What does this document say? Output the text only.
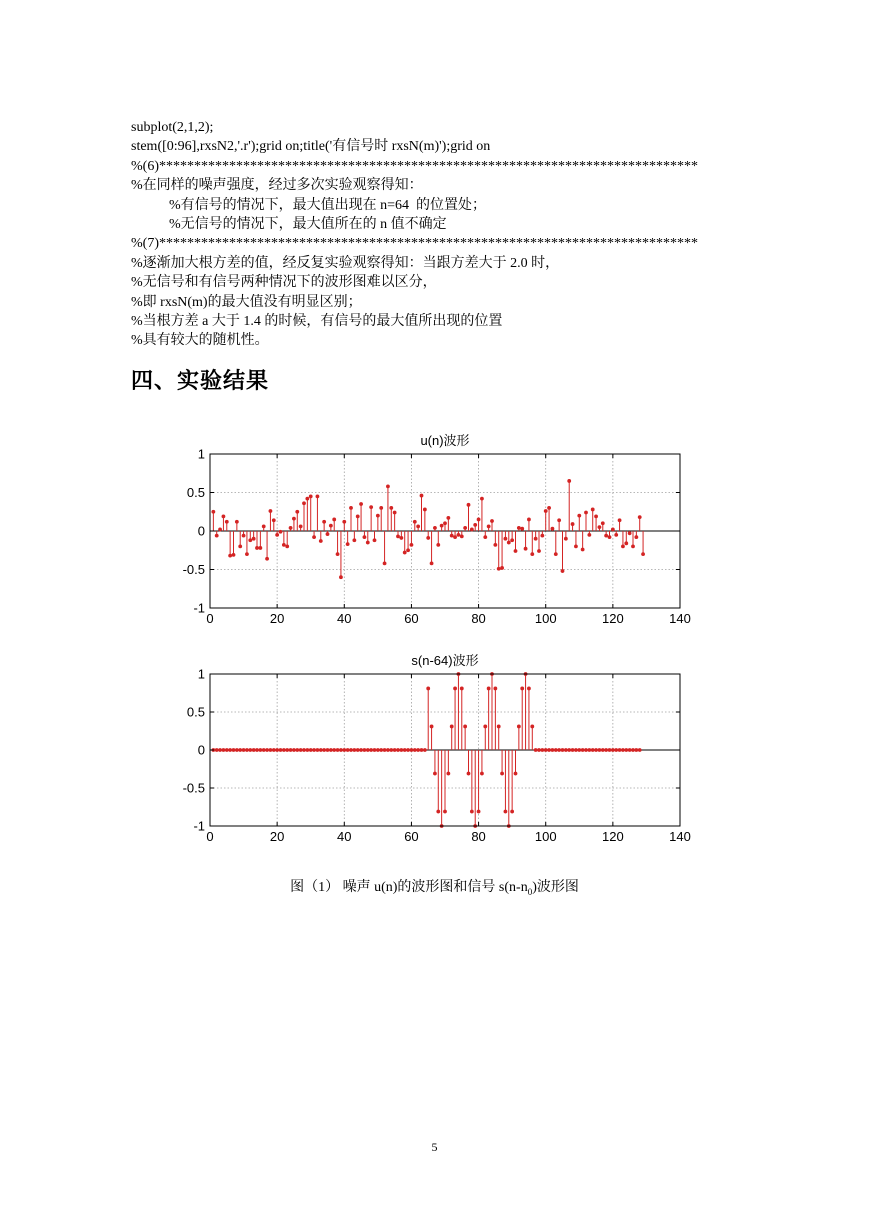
subplot(2,1,2);
stem([0:96],rxsN2,'.r');grid on;title('有信号时 rxsN(m)');grid on
%(6)*****************************************************************************
%在同样的噪声强度，经过多次实验观察得知：
%有信号的情况下，最大值出现在 n=64  的位置处；
%无信号的情况下，最大值所在的 n 值不确定
%(7)*****************************************************************************
%逐渐加大根方差的值，经反复实验观察得知：当跟方差大于 2.0 时，
%无信号和有信号两种情况下的波形图难以区分，
%即 rxsN(m)的最大值没有明显区别；
%当根方差 a 大于 1.4 的时候，有信号的最大值所出现的位置
%具有较大的随机性。
四、实验结果
0	20	40	60	80	100	120	140
1
0.5
0
-0.5
-1
u(n)波形
0	20	40	60	80	100	120	140
1
0.5
0
-0.5
-1
s(n-64)波形
图（1） 噪声 u(n)的波形图和信号 $s(n-n_0)$波形图
5
